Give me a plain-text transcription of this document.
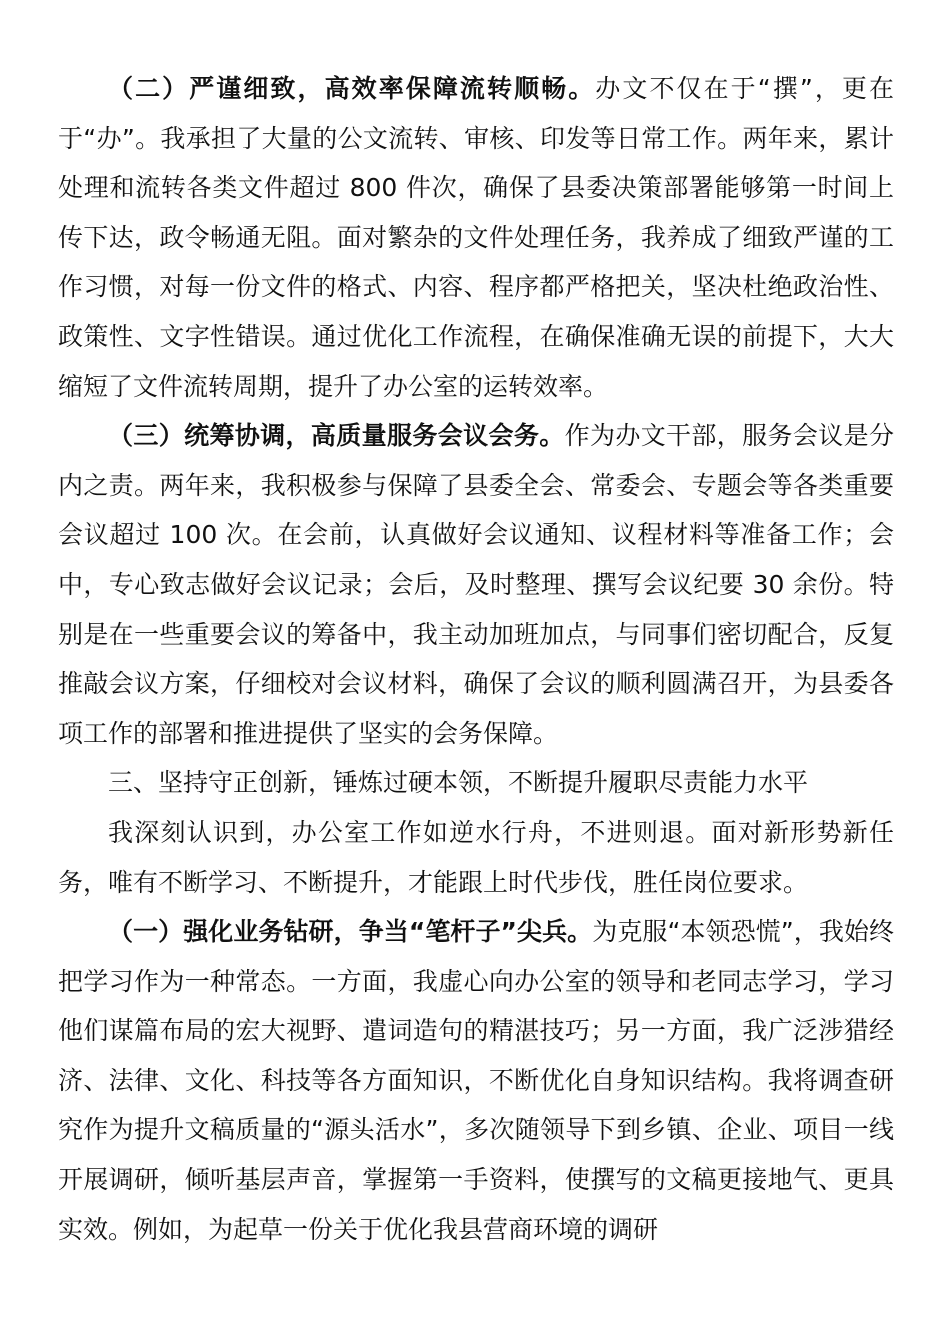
（二）严谨细致，高效率保障流转顺畅。办文不仅在于“撰”，更在于“办”。我承担了大量的公文流转、审核、印发等日常工作。两年来，累计处理和流转各类文件超过 800 件次，确保了县委决策部署能够第一时间上传下达，政令畅通无阻。面对繁杂的文件处理任务，我养成了细致严谨的工作习惯，对每一份文件的格式、内容、程序都严格把关，坚决杜绝政治性、政策性、文字性错误。通过优化工作流程，在确保准确无误的前提下，大大缩短了文件流转周期，提升了办公室的运转效率。

（三）统筹协调，高质量服务会议会务。作为办文干部，服务会议是分内之责。两年来，我积极参与保障了县委全会、常委会、专题会等各类重要会议超过 100 次。在会前，认真做好会议通知、议程材料等准备工作；会中，专心致志做好会议记录；会后，及时整理、撰写会议纪要 30 余份。特别是在一些重要会议的筹备中，我主动加班加点，与同事们密切配合，反复推敲会议方案，仔细校对会议材料，确保了会议的顺利圆满召开，为县委各项工作的部署和推进提供了坚实的会务保障。

三、坚持守正创新，锤炼过硬本领，不断提升履职尽责能力水平

我深刻认识到，办公室工作如逆水行舟，不进则退。面对新形势新任务，唯有不断学习、不断提升，才能跟上时代步伐，胜任岗位要求。

（一）强化业务钻研，争当“笔杆子”尖兵。为克服“本领恐慌”，我始终把学习作为一种常态。一方面，我虚心向办公室的领导和老同志学习，学习他们谋篇布局的宏大视野、遣词造句的精湛技巧；另一方面，我广泛涉猎经济、法律、文化、科技等各方面知识，不断优化自身知识结构。我将调查研究作为提升文稿质量的“源头活水”，多次随领导下到乡镇、企业、项目一线开展调研，倾听基层声音，掌握第一手资料，使撰写的文稿更接地气、更具实效。例如，为起草一份关于优化我县营商环境的调研
